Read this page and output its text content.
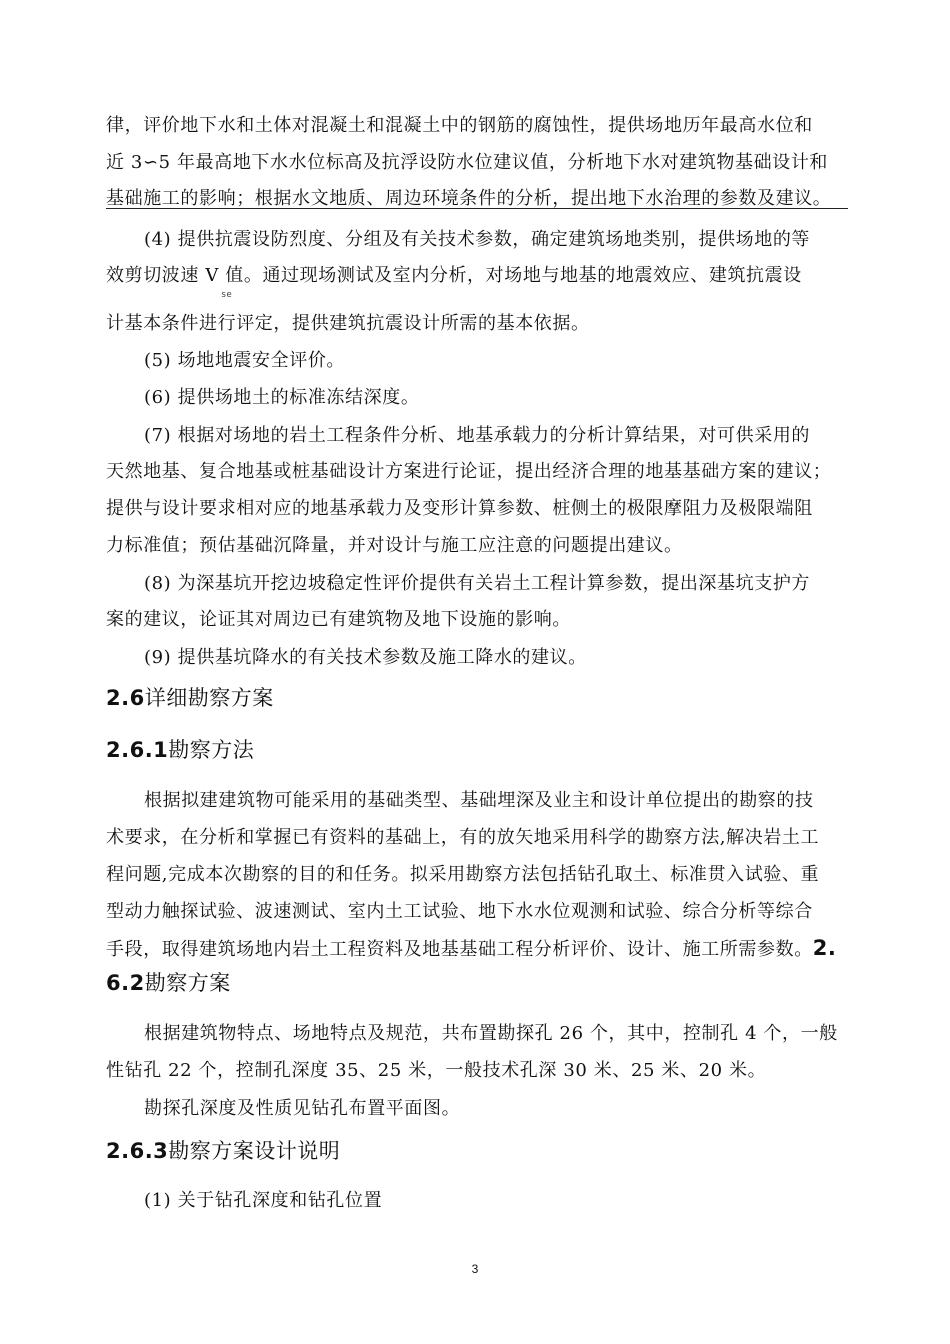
律，评价地下水和土体对混凝土和混凝土中的钢筋的腐蚀性，提供场地历年最高水位和
近 3∽5 年最高地下水水位标高及抗浮设防水位建议值，分析地下水对建筑物基础设计和
基础施工的影响；根据水文地质、周边环境条件的分析，提出地下水治理的参数及建议。
(4) 提供抗震设防烈度、分组及有关技术参数，确定建筑场地类别，提供场地的等
效剪切波速 V 值。通过现场测试及室内分析，对场地与地基的地震效应、建筑抗震设
se
计基本条件进行评定，提供建筑抗震设计所需的基本依据。
(5) 场地地震安全评价。
(6) 提供场地土的标准冻结深度。
(7) 根据对场地的岩土工程条件分析、地基承载力的分析计算结果，对可供采用的
天然地基、复合地基或桩基础设计方案进行论证，提出经济合理的地基基础方案的建议；
提供与设计要求相对应的地基承载力及变形计算参数、桩侧土的极限摩阻力及极限端阻
力标准值；预估基础沉降量，并对设计与施工应注意的问题提出建议。
(8) 为深基坑开挖边坡稳定性评价提供有关岩土工程计算参数，提出深基坑支护方
案的建议，论证其对周边已有建筑物及地下设施的影响。
(9) 提供基坑降水的有关技术参数及施工降水的建议。
2.6详细勘察方案
2.6.1勘察方法
根据拟建建筑物可能采用的基础类型、基础埋深及业主和设计单位提出的勘察的技
术要求，在分析和掌握已有资料的基础上，有的放矢地采用科学的勘察方法,解决岩土工
程问题,完成本次勘察的目的和任务。拟采用勘察方法包括钻孔取土、标准贯入试验、重
型动力触探试验、波速测试、室内土工试验、地下水水位观测和试验、综合分析等综合
手段，取得建筑场地内岩土工程资料及地基基础工程分析评价、设计、施工所需参数。2.
6.2勘察方案
根据建筑物特点、场地特点及规范，共布置勘探孔 26 个，其中，控制孔 4 个，一般
性钻孔 22 个，控制孔深度 35、25 米，一般技术孔深 30 米、25 米、20 米。
勘探孔深度及性质见钻孔布置平面图。
2.6.3勘察方案设计说明
(1) 关于钻孔深度和钻孔位置
3
